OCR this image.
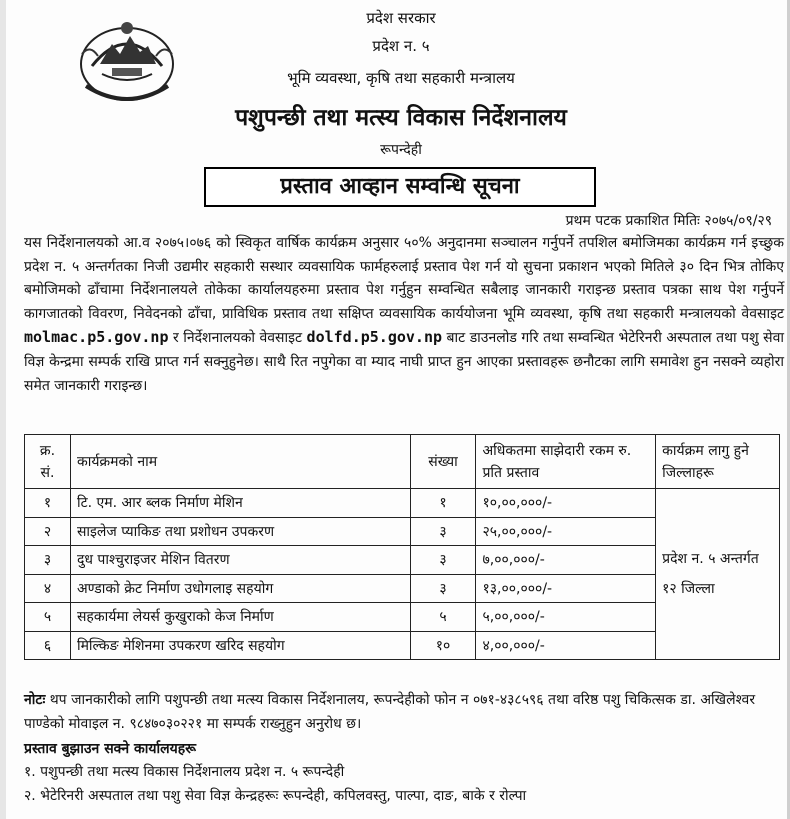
प्रदेश सरकार
प्रदेश न. ५
भूमि व्यवस्था, कृषि तथा सहकारी मन्त्रालय
पशुपन्छी तथा मत्स्य विकास निर्देशनालय
रूपन्देही
प्रस्ताव आव्हान सम्वन्धि सूचना
प्रथम पटक प्रकाशित मितिः २०७५/०९/२९
यस निर्देशनालयको आ.व २०७५।०७६ को स्विकृत वार्षिक कार्यक्रम अनुसार ५०% अनुदानमा सञ्चालन गर्नुपर्ने तपशिल बमोजिमका कार्यक्रम गर्न इच्छुक प्रदेश न. ५ अन्तर्गतका निजी उद्यमीर सहकारी सस्थार व्यवसायिक फार्महरुलाई प्रस्ताव पेश गर्न यो सुचना प्रकाशन भएको मितिले ३० दिन भित्र तोकिए बमोजिमको ढाँचामा निर्देशनालयले तोकेका कार्यालयहरुमा प्रस्ताव पेश गर्नुहुन सम्वन्धित सबैलाइ जानकारी गराइन्छ प्रस्ताव पत्रका साथ पेश गर्नुपर्ने कागजातको विवरण, निवेदनको ढाँचा, प्राविधिक प्रस्ताव तथा सक्षिप्त व्यवसायिक कार्ययोजना भूमि व्यवस्था, कृषि तथा सहकारी मन्त्रालयको वेवसाइट molmac.p5.gov.np र निर्देशनालयको वेवसाइट dolfd.p5.gov.np बाट डाउनलोड गरि तथा सम्वन्धित भेटेरिनरी अस्पताल तथा पशु सेवा विज्ञ केन्द्रमा सम्पर्क राखि प्राप्त गर्न सक्नुहुनेछ। साथै रित नपुगेका वा म्याद नाघी प्राप्त हुन आएका प्रस्तावहरू छनौटका लागि समावेश हुन नसक्ने व्यहोरा समेत जानकारी गराइन्छ।
क्र. सं.	कार्यक्रमको नाम	संख्या	अधिकतमा साझेदारी रकम रु. प्रति प्रस्ताव	कार्यक्रम लागु हुने जिल्लाहरू
१	टि. एम. आर ब्लक निर्माण मेशिन	१	१०,००,०००/-	प्रदेश न. ५ अन्तर्गत १२ जिल्ला
२	साइलेज प्याकिङ तथा प्रशोधन उपकरण	३	२५,००,०००/-	
३	दुध पाश्चुराइजर मेशिन वितरण	३	७,००,०००/-	
४	अण्डाको क्रेट निर्माण उधोगलाइ सहयोग	३	१३,००,०००/-	
५	सहकार्यमा लेयर्स कुखुराको केज निर्माण	५	५,००,०००/-	
६	मिल्किङ मेशिनमा उपकरण खरिद सहयोग	१०	४,००,०००/-	
नोटः थप जानकारीको लागि पशुपन्छी तथा मत्स्य विकास निर्देशनालय, रूपन्देहीको फोन न ०७१-४३८५९६ तथा वरिष्ठ पशु चिकित्सक डा. अखिलेश्वर पाण्डेको मोवाइल न. ९८४७०३०२२१ मा सम्पर्क राख्नुहुन अनुरोध छ।
प्रस्ताव बुझाउन सक्ने कार्यालयहरू
१. पशुपन्छी तथा मत्स्य विकास निर्देशनालय प्रदेश न. ५ रूपन्देही
२. भेटेरिनरी अस्पताल तथा पशु सेवा विज्ञ केन्द्रहरूः रूपन्देही, कपिलवस्तु, पाल्पा, दाङ, बाके र रोल्पा
